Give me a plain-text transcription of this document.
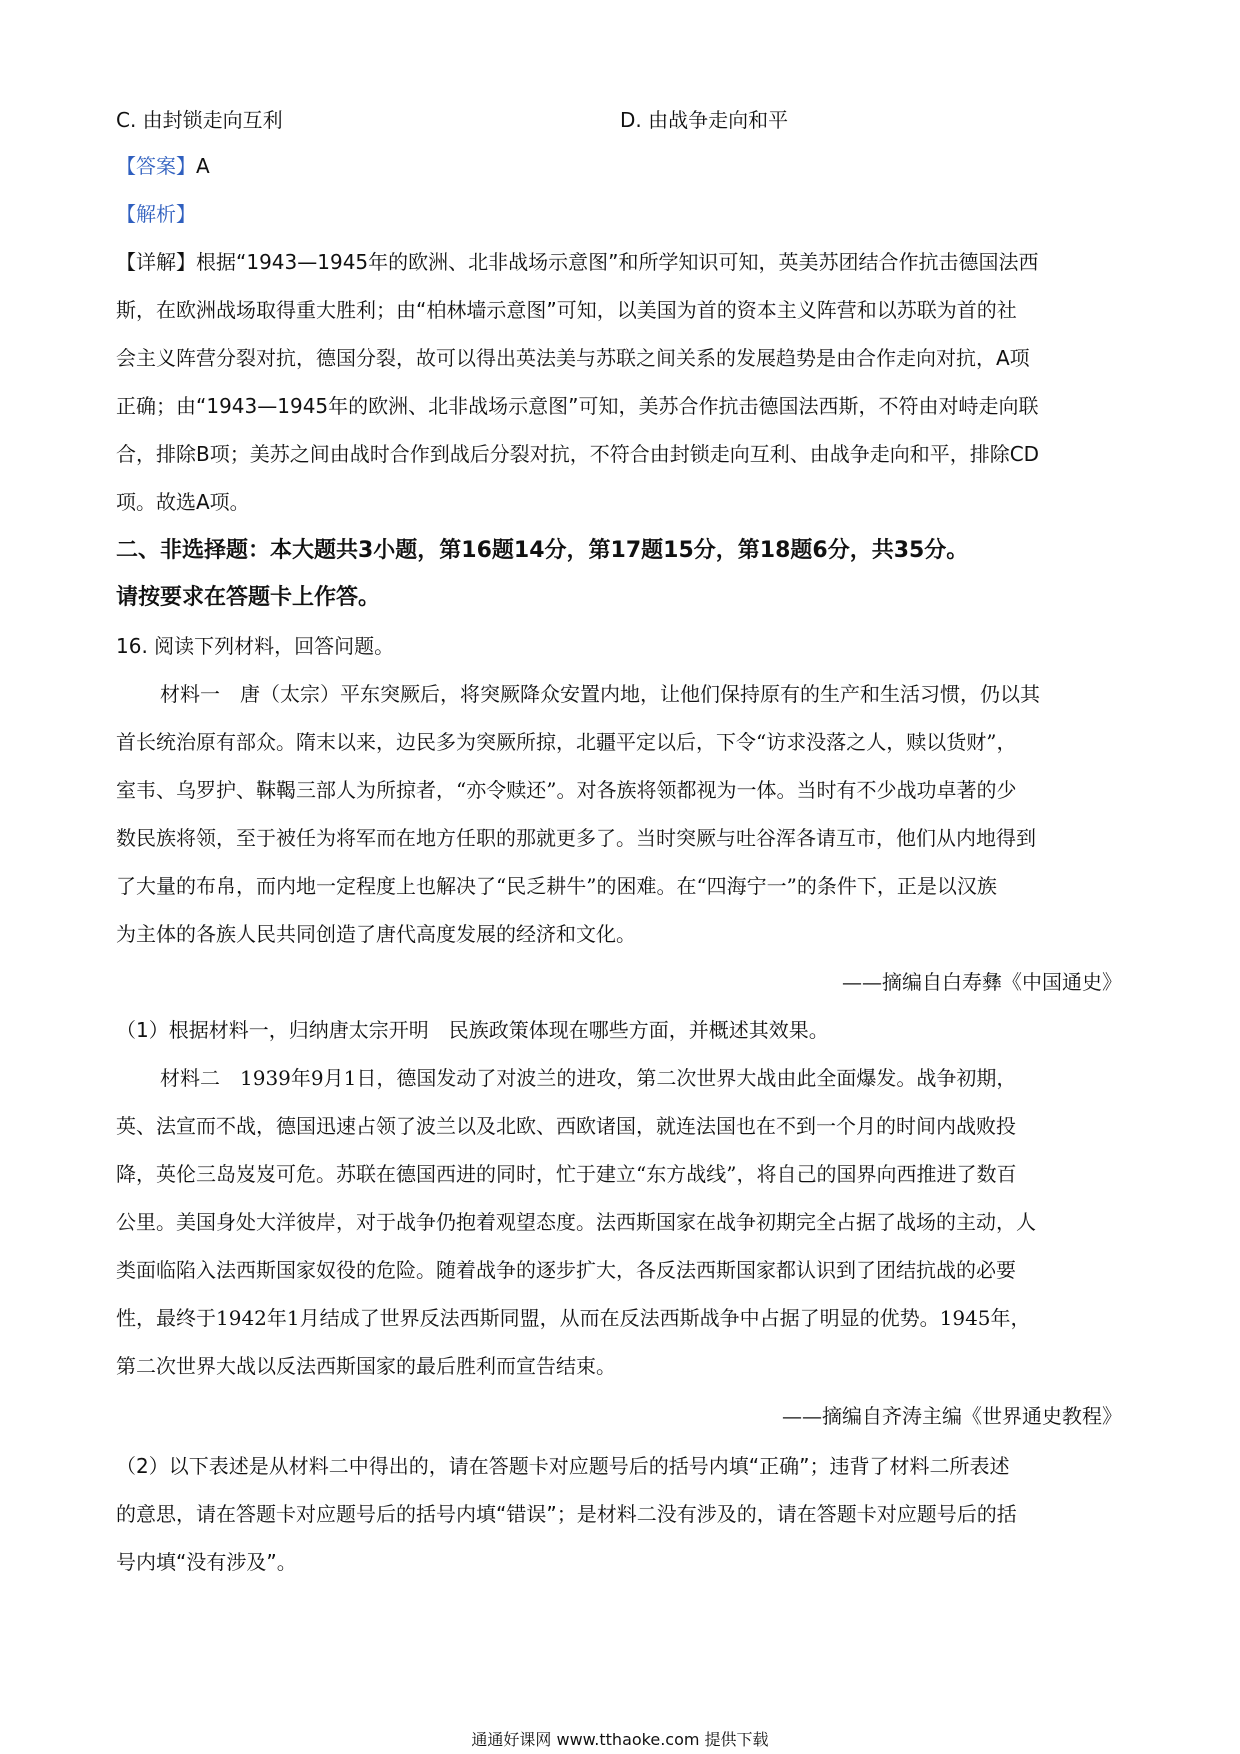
C. 由封锁走向互利	D. 由战争走向和平
【答案】A
【解析】
【详解】根据“1943—1945年的欧洲、北非战场示意图”和所学知识可知，英美苏团结合作抗击德国法西
斯，在欧洲战场取得重大胜利；由“柏林墙示意图”可知，以美国为首的资本主义阵营和以苏联为首的社
会主义阵营分裂对抗，德国分裂，故可以得出英法美与苏联之间关系的发展趋势是由合作走向对抗，A项
正确；由“1943—1945年的欧洲、北非战场示意图”可知，美苏合作抗击德国法西斯，不符由对峙走向联
合，排除B项；美苏之间由战时合作到战后分裂对抗，不符合由封锁走向互利、由战争走向和平，排除CD
项。故选A项。
二、非选择题：本大题共3小题，第16题14分，第17题15分，第18题6分，共35分。
请按要求在答题卡上作答。
16. 阅读下列材料，回答问题。
材料一　唐（太宗）平东突厥后，将突厥降众安置内地，让他们保持原有的生产和生活习惯，仍以其
首长统治原有部众。隋末以来，边民多为突厥所掠，北疆平定以后，下令“访求没落之人，赎以货财”，
室韦、乌罗护、靺鞨三部人为所掠者，“亦令赎还”。对各族将领都视为一体。当时有不少战功卓著的少
数民族将领，至于被任为将军而在地方任职的那就更多了。当时突厥与吐谷浑各请互市，他们从内地得到
了大量的布帛，而内地一定程度上也解决了“民乏耕牛”的困难。在“四海宁一”的条件下，正是以汉族
为主体的各族人民共同创造了唐代高度发展的经济和文化。
——摘编自白寿彝《中国通史》
（1）根据材料一，归纳唐太宗开明　民族政策体现在哪些方面，并概述其效果。
材料二　1939年9月1日，德国发动了对波兰的进攻，第二次世界大战由此全面爆发。战争初期，
英、法宣而不战，德国迅速占领了波兰以及北欧、西欧诸国，就连法国也在不到一个月的时间内战败投
降，英伦三岛岌岌可危。苏联在德国西进的同时，忙于建立“东方战线”，将自己的国界向西推进了数百
公里。美国身处大洋彼岸，对于战争仍抱着观望态度。法西斯国家在战争初期完全占据了战场的主动，人
类面临陷入法西斯国家奴役的危险。随着战争的逐步扩大，各反法西斯国家都认识到了团结抗战的必要
性，最终于1942年1月结成了世界反法西斯同盟，从而在反法西斯战争中占据了明显的优势。1945年，
第二次世界大战以反法西斯国家的最后胜利而宣告结束。
——摘编自齐涛主编《世界通史教程》
（2）以下表述是从材料二中得出的，请在答题卡对应题号后的括号内填“正确”；违背了材料二所表述
的意思，请在答题卡对应题号后的括号内填“错误”；是材料二没有涉及的，请在答题卡对应题号后的括
号内填“没有涉及”。
通通好课网 www.tthaoke.com 提供下载
